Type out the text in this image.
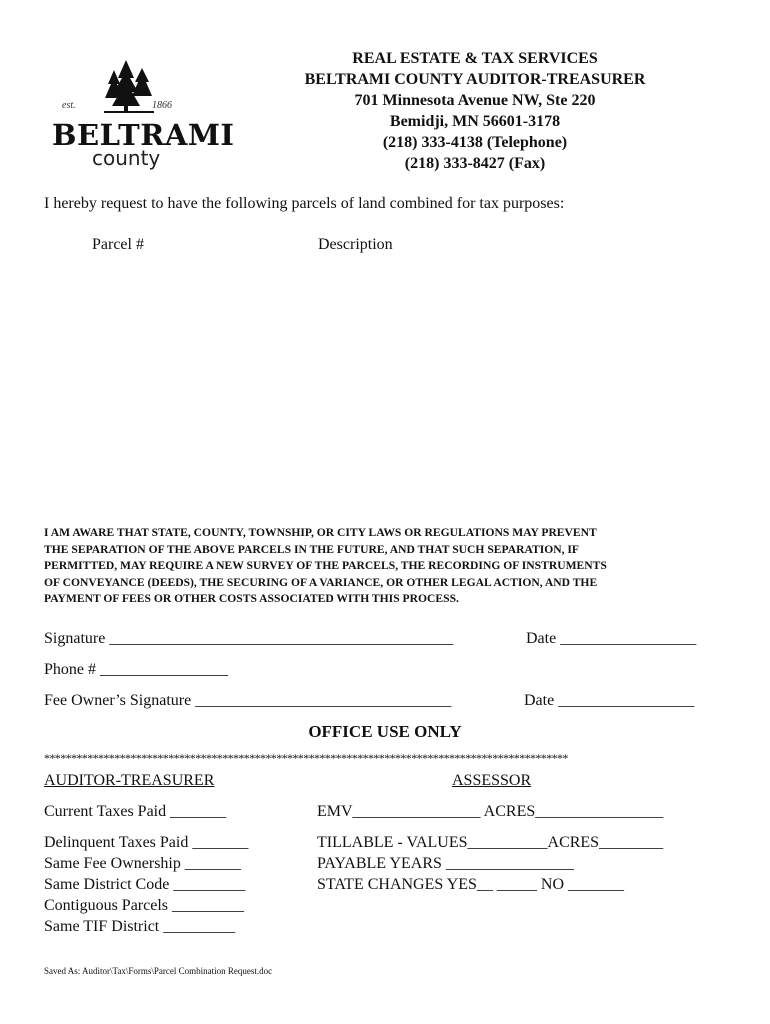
est.	1866
BELTRAMI
county
REAL ESTATE & TAX SERVICES
BELTRAMI COUNTY AUDITOR-TREASURER
701 Minnesota Avenue NW, Ste 220
Bemidji, MN 56601-3178
(218) 333-4138 (Telephone)
(218) 333-8427 (Fax)
I hereby request to have the following parcels of land combined for tax purposes:
Parcel #	Description
I AM AWARE THAT STATE, COUNTY, TOWNSHIP, OR CITY LAWS OR REGULATIONS MAY PREVENT
THE SEPARATION OF THE ABOVE PARCELS IN THE FUTURE, AND THAT SUCH SEPARATION, IF
PERMITTED, MAY REQUIRE A NEW SURVEY OF THE PARCELS, THE RECORDING OF INSTRUMENTS
OF CONVEYANCE (DEEDS), THE SECURING OF A VARIANCE, OR OTHER LEGAL ACTION, AND THE
PAYMENT OF FEES OR OTHER COSTS ASSOCIATED WITH THIS PROCESS.
Signature ___________________________________________	Date _________________
Phone # ________________
Fee Owner’s Signature ________________________________	Date _________________
OFFICE USE ONLY
*************************************************************************************************
AUDITOR-TREASURER	ASSESSOR
Current Taxes Paid _______	EMV________________ ACRES________________
Delinquent Taxes Paid _______	TILLABLE - VALUES__________ACRES________
Same Fee Ownership _______	PAYABLE YEARS ________________
Same District Code _________	STATE CHANGES YES__ _____ NO _______
Contiguous Parcels _________
Same TIF District _________
Saved As: Auditor\Tax\Forms\Parcel Combination Request.doc
